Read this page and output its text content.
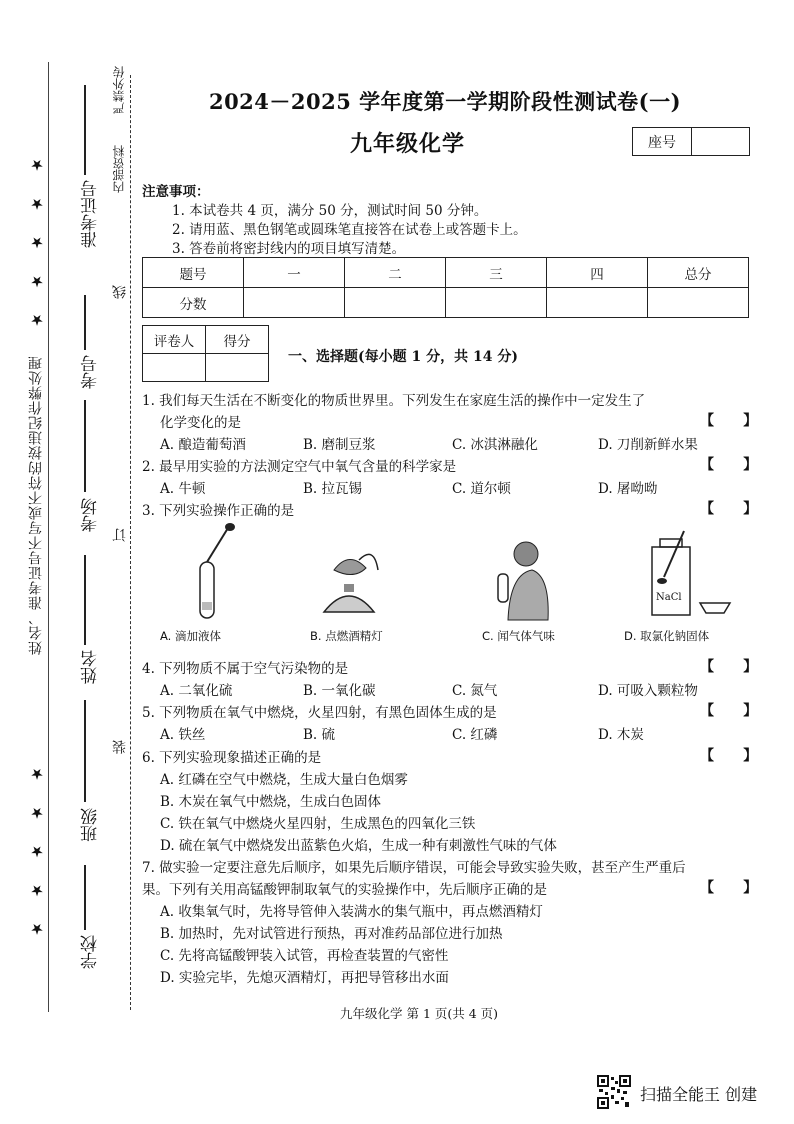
★ ★ ★ ★ ★
姓名、准考证号不写或不符的按违纪作弊处理
★ ★ ★ ★ ★
准考证号
考号
考场
姓名
班级
学校
线
订
装
严禁外传
内部资料
2024－2025 学年度第一学期阶段性测试卷(一)
九年级化学	座号
注意事项：
1. 本试卷共 4 页，满分 50 分，测试时间 50 分钟。
2. 请用蓝、黑色钢笔或圆珠笔直接答在试卷上或答题卡上。
3. 答卷前将密封线内的项目填写清楚。
题号	一	二	三	四	总分
分数					
评卷人	得分

一、选择题(每小题 1 分，共 14 分)
1. 我们每天生活在不断变化的物质世界里。下列发生在家庭生活的操作中一定发生了
化学变化的是	【      】
A. 酿造葡萄酒	B. 磨制豆浆	C. 冰淇淋融化	D. 刀削新鲜水果
2. 最早用实验的方法测定空气中氧气含量的科学家是	【      】
A. 牛顿	B. 拉瓦锡	C. 道尔顿	D. 屠呦呦
3. 下列实验操作正确的是	【      】
NaCl
A. 滴加液体	B. 点燃酒精灯	C. 闻气体气味	D. 取氯化钠固体
4. 下列物质不属于空气污染物的是	【      】
A. 二氧化硫	B. 一氧化碳	C. 氮气	D. 可吸入颗粒物
5. 下列物质在氧气中燃烧，火星四射，有黑色固体生成的是	【      】
A. 铁丝	B. 硫	C. 红磷	D. 木炭
6. 下列实验现象描述正确的是	【      】
A. 红磷在空气中燃烧，生成大量白色烟雾
B. 木炭在氧气中燃烧，生成白色固体
C. 铁在氧气中燃烧火星四射，生成黑色的四氧化三铁
D. 硫在氧气中燃烧发出蓝紫色火焰，生成一种有刺激性气味的气体
7. 做实验一定要注意先后顺序，如果先后顺序错误，可能会导致实验失败，甚至产生严重后
果。下列有关用高锰酸钾制取氧气的实验操作中，先后顺序正确的是	【      】
A. 收集氧气时，先将导管伸入装满水的集气瓶中，再点燃酒精灯
B. 加热时，先对试管进行预热，再对准药品部位进行加热
C. 先将高锰酸钾装入试管，再检查装置的气密性
D. 实验完毕，先熄灭酒精灯，再把导管移出水面
九年级化学 第 1 页(共 4 页)
扫描全能王 创建
